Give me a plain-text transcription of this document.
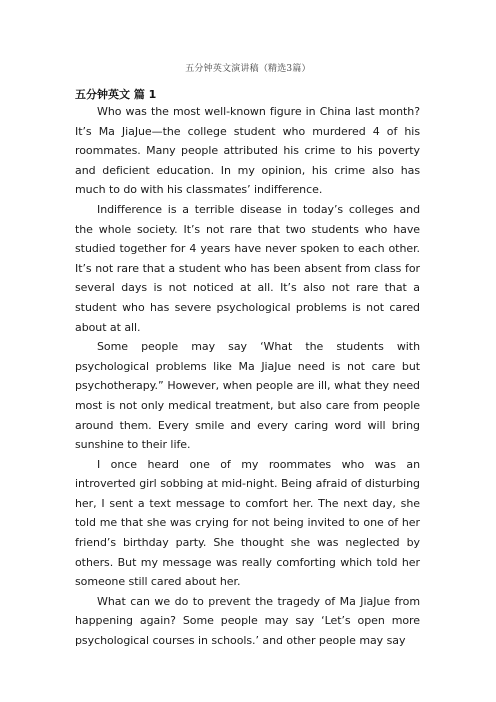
五分钟英文演讲稿（精选3篇）
五分钟英文 篇 1

Who was the most well-known figure in China last month? It’s Ma JiaJue—the college student who murdered 4 of his roommates. Many people attributed his crime to his poverty and deficient education. In my opinion, his crime also has much to do with his classmates’ indifference.

Indifference is a terrible disease in today’s colleges and the whole society. It’s not rare that two students who have studied together for 4 years have never spoken to each other. It’s not rare that a student who has been absent from class for several days is not noticed at all. It’s also not rare that a student who has severe psychological problems is not cared about at all.

Some people may say ‘What the students with psychological problems like Ma JiaJue need is not care but psychotherapy.” However, when people are ill, what they need most is not only medical treatment, but also care from people around them. Every smile and every caring word will bring sunshine to their life.

I once heard one of my roommates who was an introverted girl sobbing at mid-night. Being afraid of disturbing her, I sent a text message to comfort her. The next day, she told me that she was crying for not being invited to one of her friend’s birthday party. She thought she was neglected by others. But my message was really comforting which told her someone still cared about her.

What can we do to prevent the tragedy of Ma JiaJue from happening again? Some people may say ‘Let’s open more psychological courses in schools.’ and other people may say
